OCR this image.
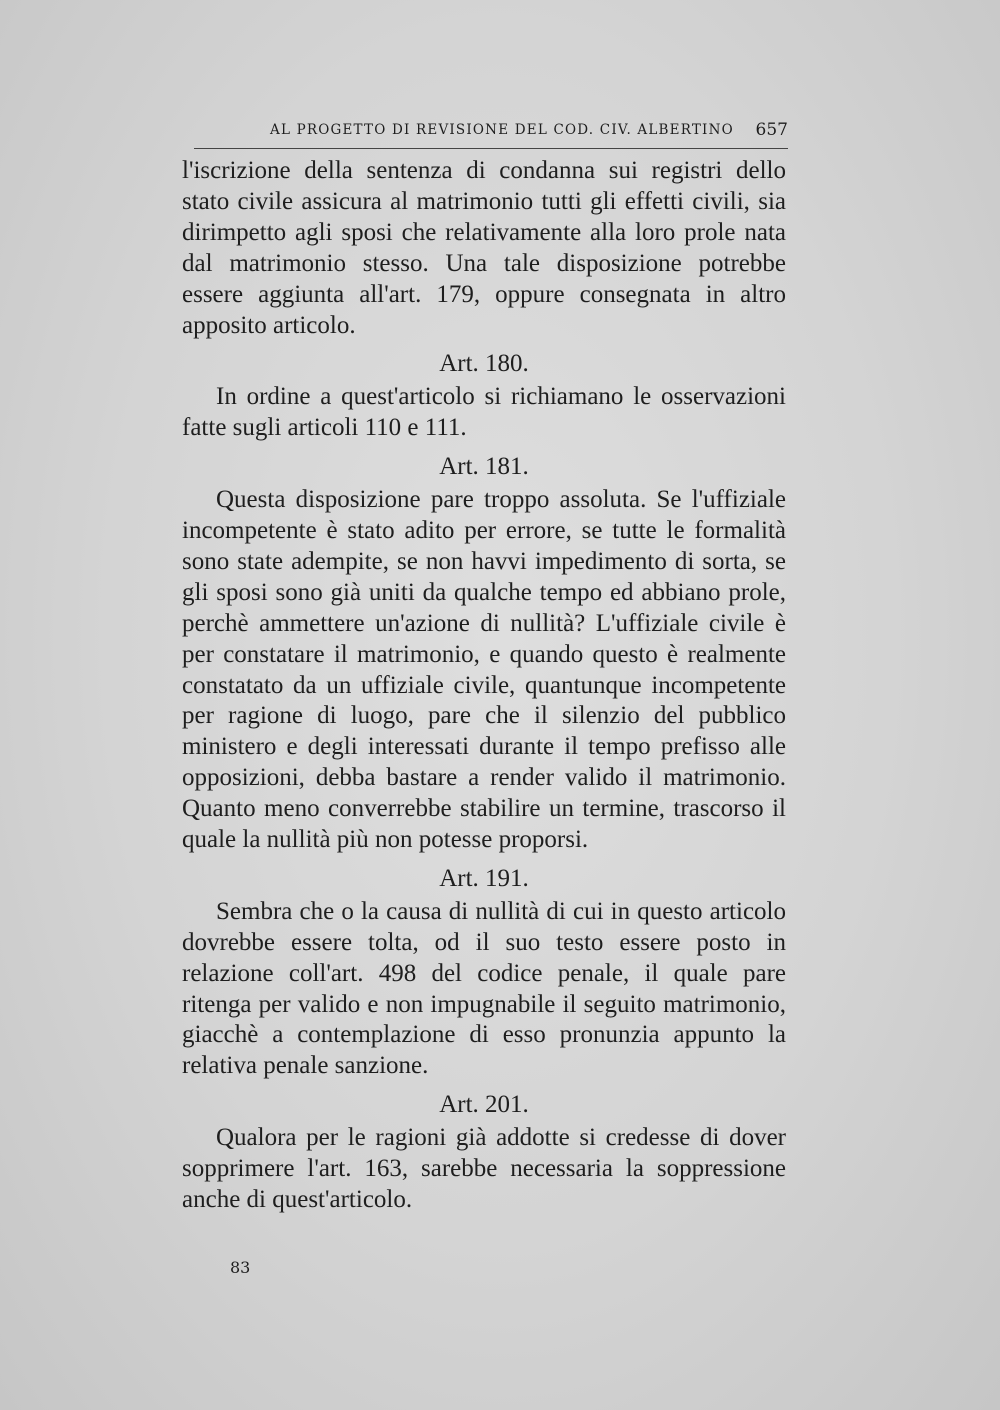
AL PROGETTO DI REVISIONE DEL COD. CIV. ALBERTINO 657

l'iscrizione della sentenza di condanna sui registri dello stato civile assicura al matrimonio tutti gli effetti civili, sia dirimpetto agli sposi che relativamente alla loro prole nata dal matrimonio stesso. Una tale disposizione potrebbe essere aggiunta all'art. 179, oppure consegnata in altro apposito articolo.

Art. 180.

In ordine a quest'articolo si richiamano le osservazioni fatte sugli articoli 110 e 111.

Art. 181.

Questa disposizione pare troppo assoluta. Se l'uffiziale incompetente è stato adito per errore, se tutte le formalità sono state adempite, se non havvi impedimento di sorta, se gli sposi sono già uniti da qualche tempo ed abbiano prole, perchè ammettere un'azione di nullità? L'uffiziale civile è per constatare il matrimonio, e quando questo è realmente constatato da un uffiziale civile, quantunque incompetente per ragione di luogo, pare che il silenzio del pubblico ministero e degli interessati durante il tempo prefisso alle opposizioni, debba bastare a render valido il matrimonio. Quanto meno converrebbe stabilire un termine, trascorso il quale la nullità più non potesse proporsi.

Art. 191.

Sembra che o la causa di nullità di cui in questo articolo dovrebbe essere tolta, od il suo testo essere posto in relazione coll'art. 498 del codice penale, il quale pare ritenga per valido e non impugnabile il seguito matrimonio, giacchè a contemplazione di esso pronunzia appunto la relativa penale sanzione.

Art. 201.

Qualora per le ragioni già addotte si credesse di dover sopprimere l'art. 163, sarebbe necessaria la soppressione anche di quest'articolo.

83
